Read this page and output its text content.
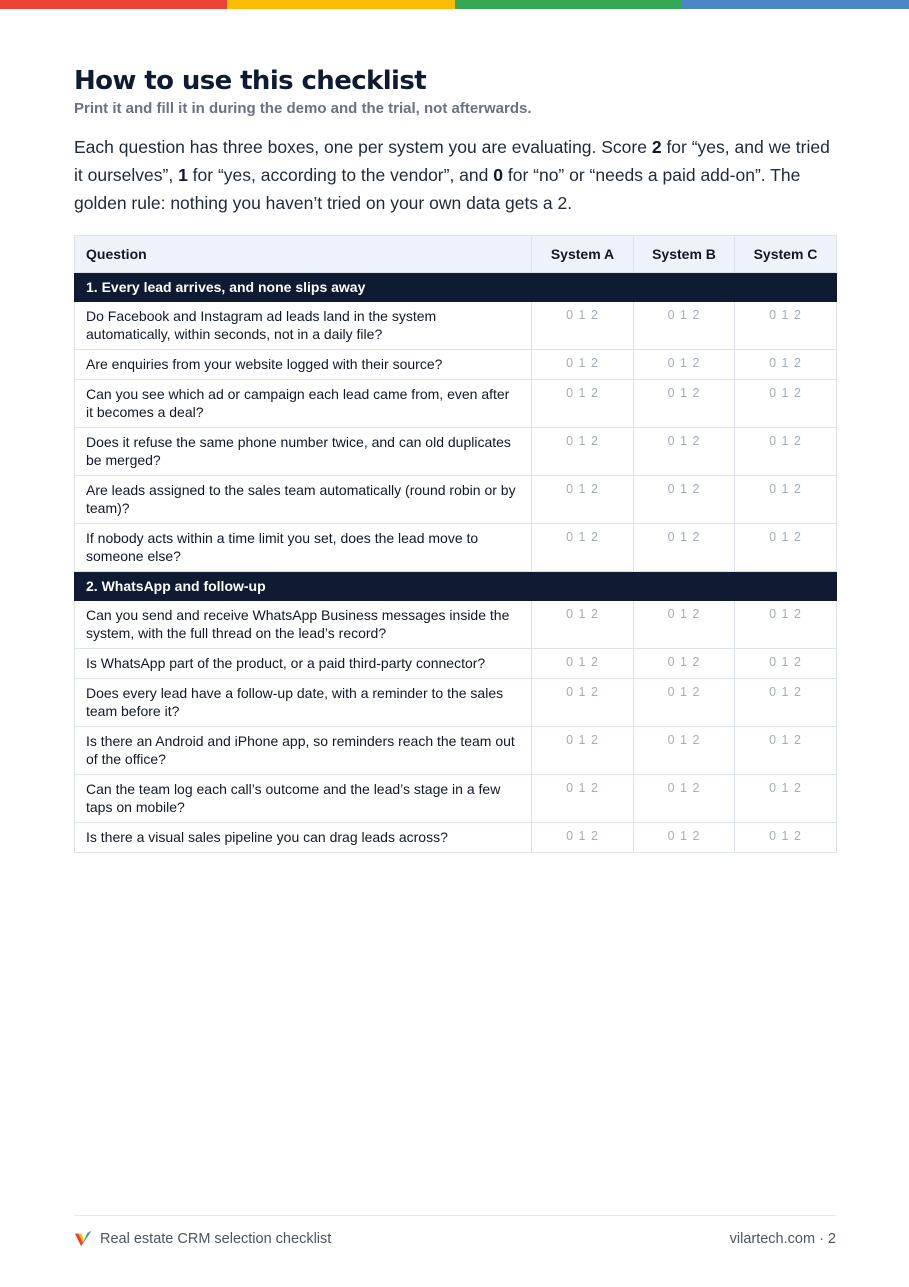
How to use this checklist
Print it and fill it in during the demo and the trial, not afterwards.

Each question has three boxes, one per system you are evaluating. Score 2 for “yes, and we tried it ourselves”, 1 for “yes, according to the vendor”, and 0 for “no” or “needs a paid add-on”. The golden rule: nothing you haven’t tried on your own data gets a 2.

Question	System A	System B	System C
1. Every lead arrives, and none slips away			
Do Facebook and Instagram ad leads land in the system automatically, within seconds, not in a daily file?	0 1 2	0 1 2	0 1 2
Are enquiries from your website logged with their source?	0 1 2	0 1 2	0 1 2
Can you see which ad or campaign each lead came from, even after it becomes a deal?	0 1 2	0 1 2	0 1 2
Does it refuse the same phone number twice, and can old duplicates be merged?	0 1 2	0 1 2	0 1 2
Are leads assigned to the sales team automatically (round robin or by team)?	0 1 2	0 1 2	0 1 2
If nobody acts within a time limit you set, does the lead move to someone else?	0 1 2	0 1 2	0 1 2
2. WhatsApp and follow-up			
Can you send and receive WhatsApp Business messages inside the system, with the full thread on the lead’s record?	0 1 2	0 1 2	0 1 2
Is WhatsApp part of the product, or a paid third-party connector?	0 1 2	0 1 2	0 1 2
Does every lead have a follow-up date, with a reminder to the sales team before it?	0 1 2	0 1 2	0 1 2
Is there an Android and iPhone app, so reminders reach the team out of the office?	0 1 2	0 1 2	0 1 2
Can the team log each call’s outcome and the lead’s stage in a few taps on mobile?	0 1 2	0 1 2	0 1 2
Is there a visual sales pipeline you can drag leads across?	0 1 2	0 1 2	0 1 2
Real estate CRM selection checklist	vilartech.com · 2
